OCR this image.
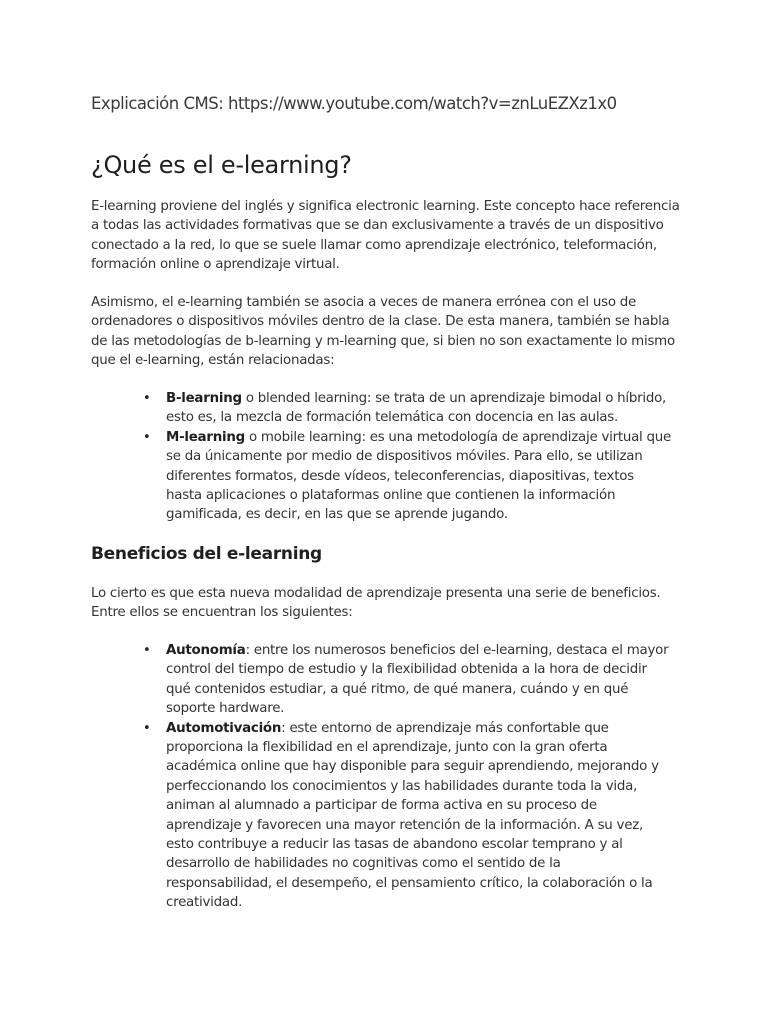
Explicación CMS: https://www.youtube.com/watch?v=znLuEZXz1x0
¿Qué es el e-learning?

E-learning proviene del inglés y significa electronic learning. Este concepto hace referencia
a todas las actividades formativas que se dan exclusivamente a través de un dispositivo
conectado a la red, lo que se suele llamar como aprendizaje electrónico, teleformación,
formación online o aprendizaje virtual.

Asimismo, el e-learning también se asocia a veces de manera errónea con el uso de
ordenadores o dispositivos móviles dentro de la clase. De esta manera, también se habla
de las metodologías de b-learning y m-learning que, si bien no son exactamente lo mismo
que el e-learning, están relacionadas:

• B-learning o blended learning: se trata de un aprendizaje bimodal o híbrido,
esto es, la mezcla de formación telemática con docencia en las aulas.
• M-learning o mobile learning: es una metodología de aprendizaje virtual que
se da únicamente por medio de dispositivos móviles. Para ello, se utilizan
diferentes formatos, desde vídeos, teleconferencias, diapositivas, textos
hasta aplicaciones o plataformas online que contienen la información
gamificada, es decir, en las que se aprende jugando.
Beneficios del e-learning

Lo cierto es que esta nueva modalidad de aprendizaje presenta una serie de beneficios.
Entre ellos se encuentran los siguientes:

• Autonomía: entre los numerosos beneficios del e-learning, destaca el mayor
control del tiempo de estudio y la flexibilidad obtenida a la hora de decidir
qué contenidos estudiar, a qué ritmo, de qué manera, cuándo y en qué
soporte hardware.
• Automotivación: este entorno de aprendizaje más confortable que
proporciona la flexibilidad en el aprendizaje, junto con la gran oferta
académica online que hay disponible para seguir aprendiendo, mejorando y
perfeccionando los conocimientos y las habilidades durante toda la vida,
animan al alumnado a participar de forma activa en su proceso de
aprendizaje y favorecen una mayor retención de la información. A su vez,
esto contribuye a reducir las tasas de abandono escolar temprano y al
desarrollo de habilidades no cognitivas como el sentido de la
responsabilidad, el desempeño, el pensamiento crítico, la colaboración o la
creatividad.
